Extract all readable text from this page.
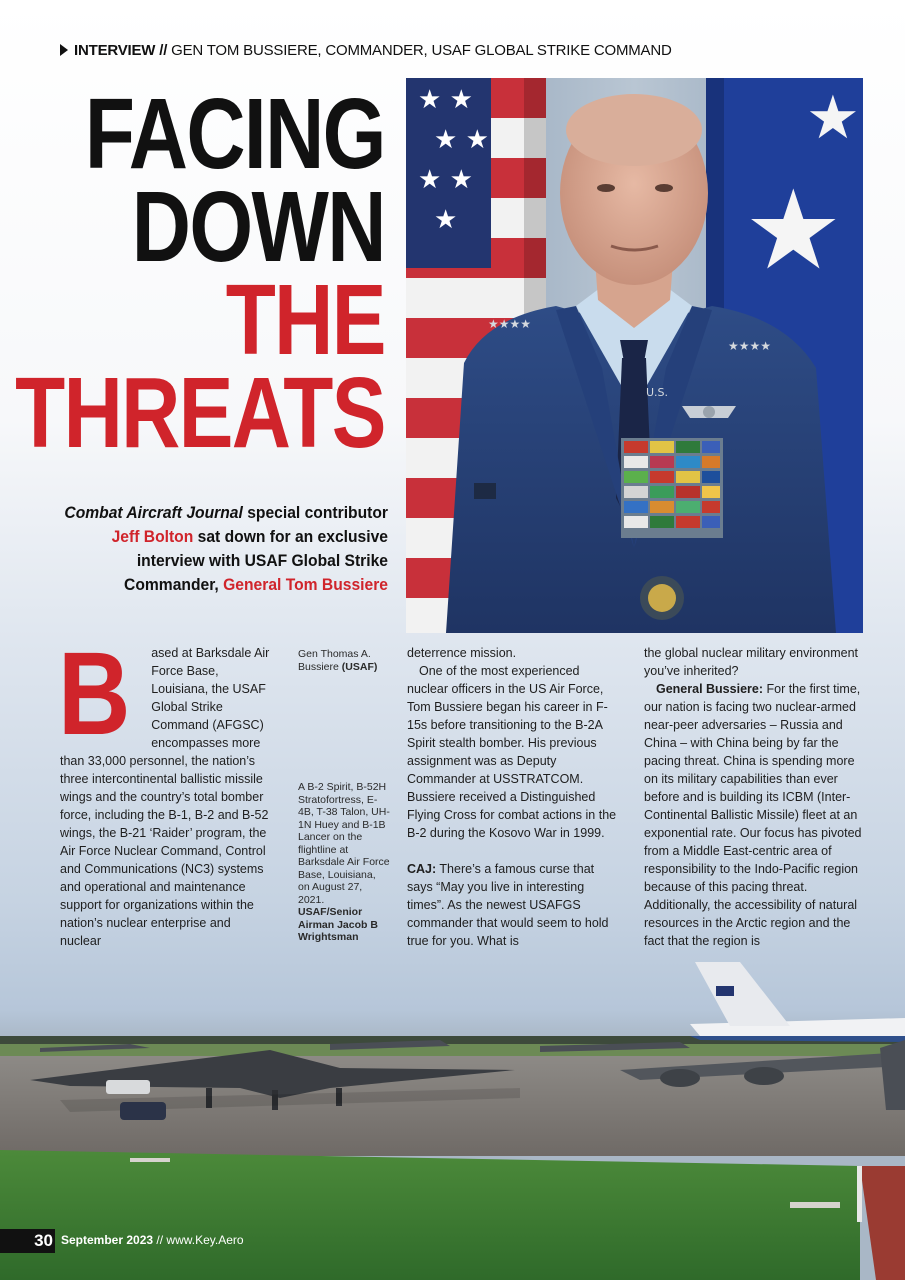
INTERVIEW // GEN TOM BUSSIERE, COMMANDER, USAF GLOBAL STRIKE COMMAND
FACING
DOWN
THE
THREATS
Combat Aircraft Journal special contributor Jeff Bolton sat down for an exclusive interview with USAF Global Strike Commander, General Tom Bussiere
★ ★
★ ★
★ ★
★	★
★
★★★★
★★★★
U.S.
B	ased at Barksdale Air Force Base, Louisiana, the USAF Global Strike Command (AFGSC) encompasses more than 33,000 personnel, the nation’s three intercontinental ballistic missile wings and the country’s total bomber force, including the B-1, B-2 and B-52 wings, the B-21 ‘Raider’ program, the Air Force Nuclear Command, Control and Communications (NC3) systems and operational and maintenance support for organizations within the nation’s nuclear enterprise and nuclear

Gen Thomas A. Bussiere (USAF)
A B-2 Spirit, B-52H Stratofortress, E-4B, T-38 Talon, UH-1N Huey and B-1B Lancer on the flightline at Barksdale Air Force Base, Louisiana, on August 27, 2021.
USAF/Senior Airman Jacob B Wrightsman

deterrence mission.

One of the most experienced nuclear officers in the US Air Force, Tom Bussiere began his career in F-15s before transitioning to the B-2A Spirit stealth bomber. His previous assignment was as Deputy Commander at USSTRATCOM. Bussiere received a Distinguished Flying Cross for combat actions in the B-2 during the Kosovo War in 1999.

CAJ: There’s a famous curse that says “May you live in interesting times”. As the newest USAFGS commander that would seem to hold true for you. What is

the global nuclear military environment you’ve inherited?

General Bussiere: For the first time, our nation is facing two nuclear-armed near-peer adversaries – Russia and China – with China being by far the pacing threat. China is spending more on its military capabilities than ever before and is building its ICBM (Inter-Continental Ballistic Missile) fleet at an exponential rate. Our focus has pivoted from a Middle East-centric area of responsibility to the Indo-Pacific region because of this pacing threat. Additionally, the accessibility of natural resources in the Arctic region and the fact that the region is

30 September 2023 // www.Key.Aero
